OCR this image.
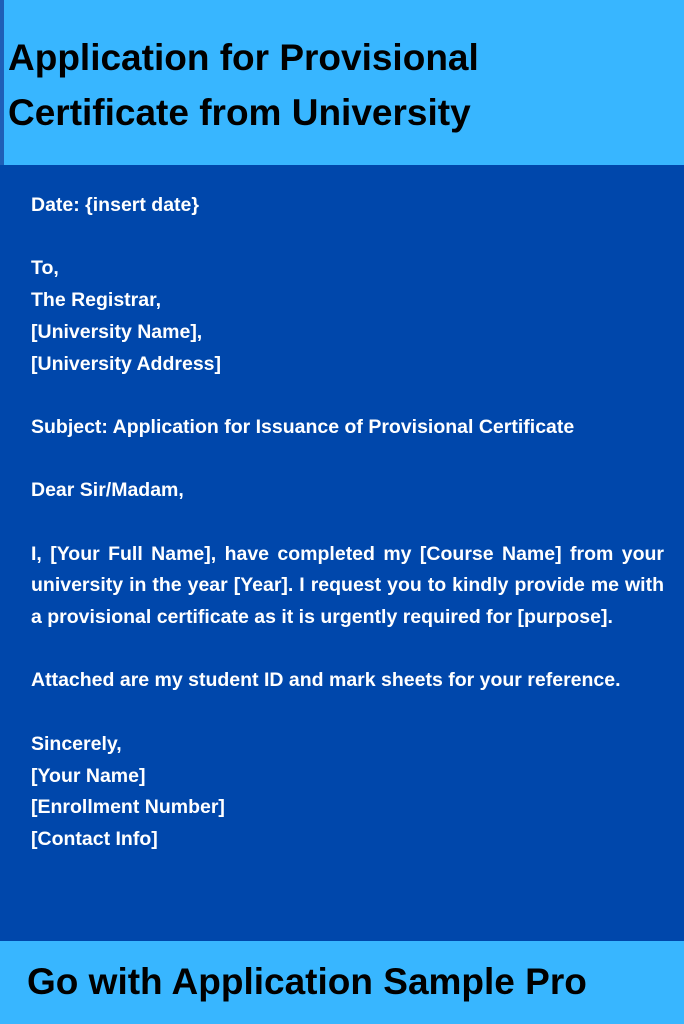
Application for Provisional
Certificate from University

Date: {insert date}

To,
The Registrar,
[University Name],
[University Address]

Subject: Application for Issuance of Provisional Certificate

Dear Sir/Madam,

I, [Your Full Name], have completed my [Course Name] from your university in the year [Year]. I request you to kindly provide me with a provisional certificate as it is urgently required for [purpose].

Attached are my student ID and mark sheets for your reference.

Sincerely,
[Your Name]
[Enrollment Number]
[Contact Info]

Go with Application Sample Pro
